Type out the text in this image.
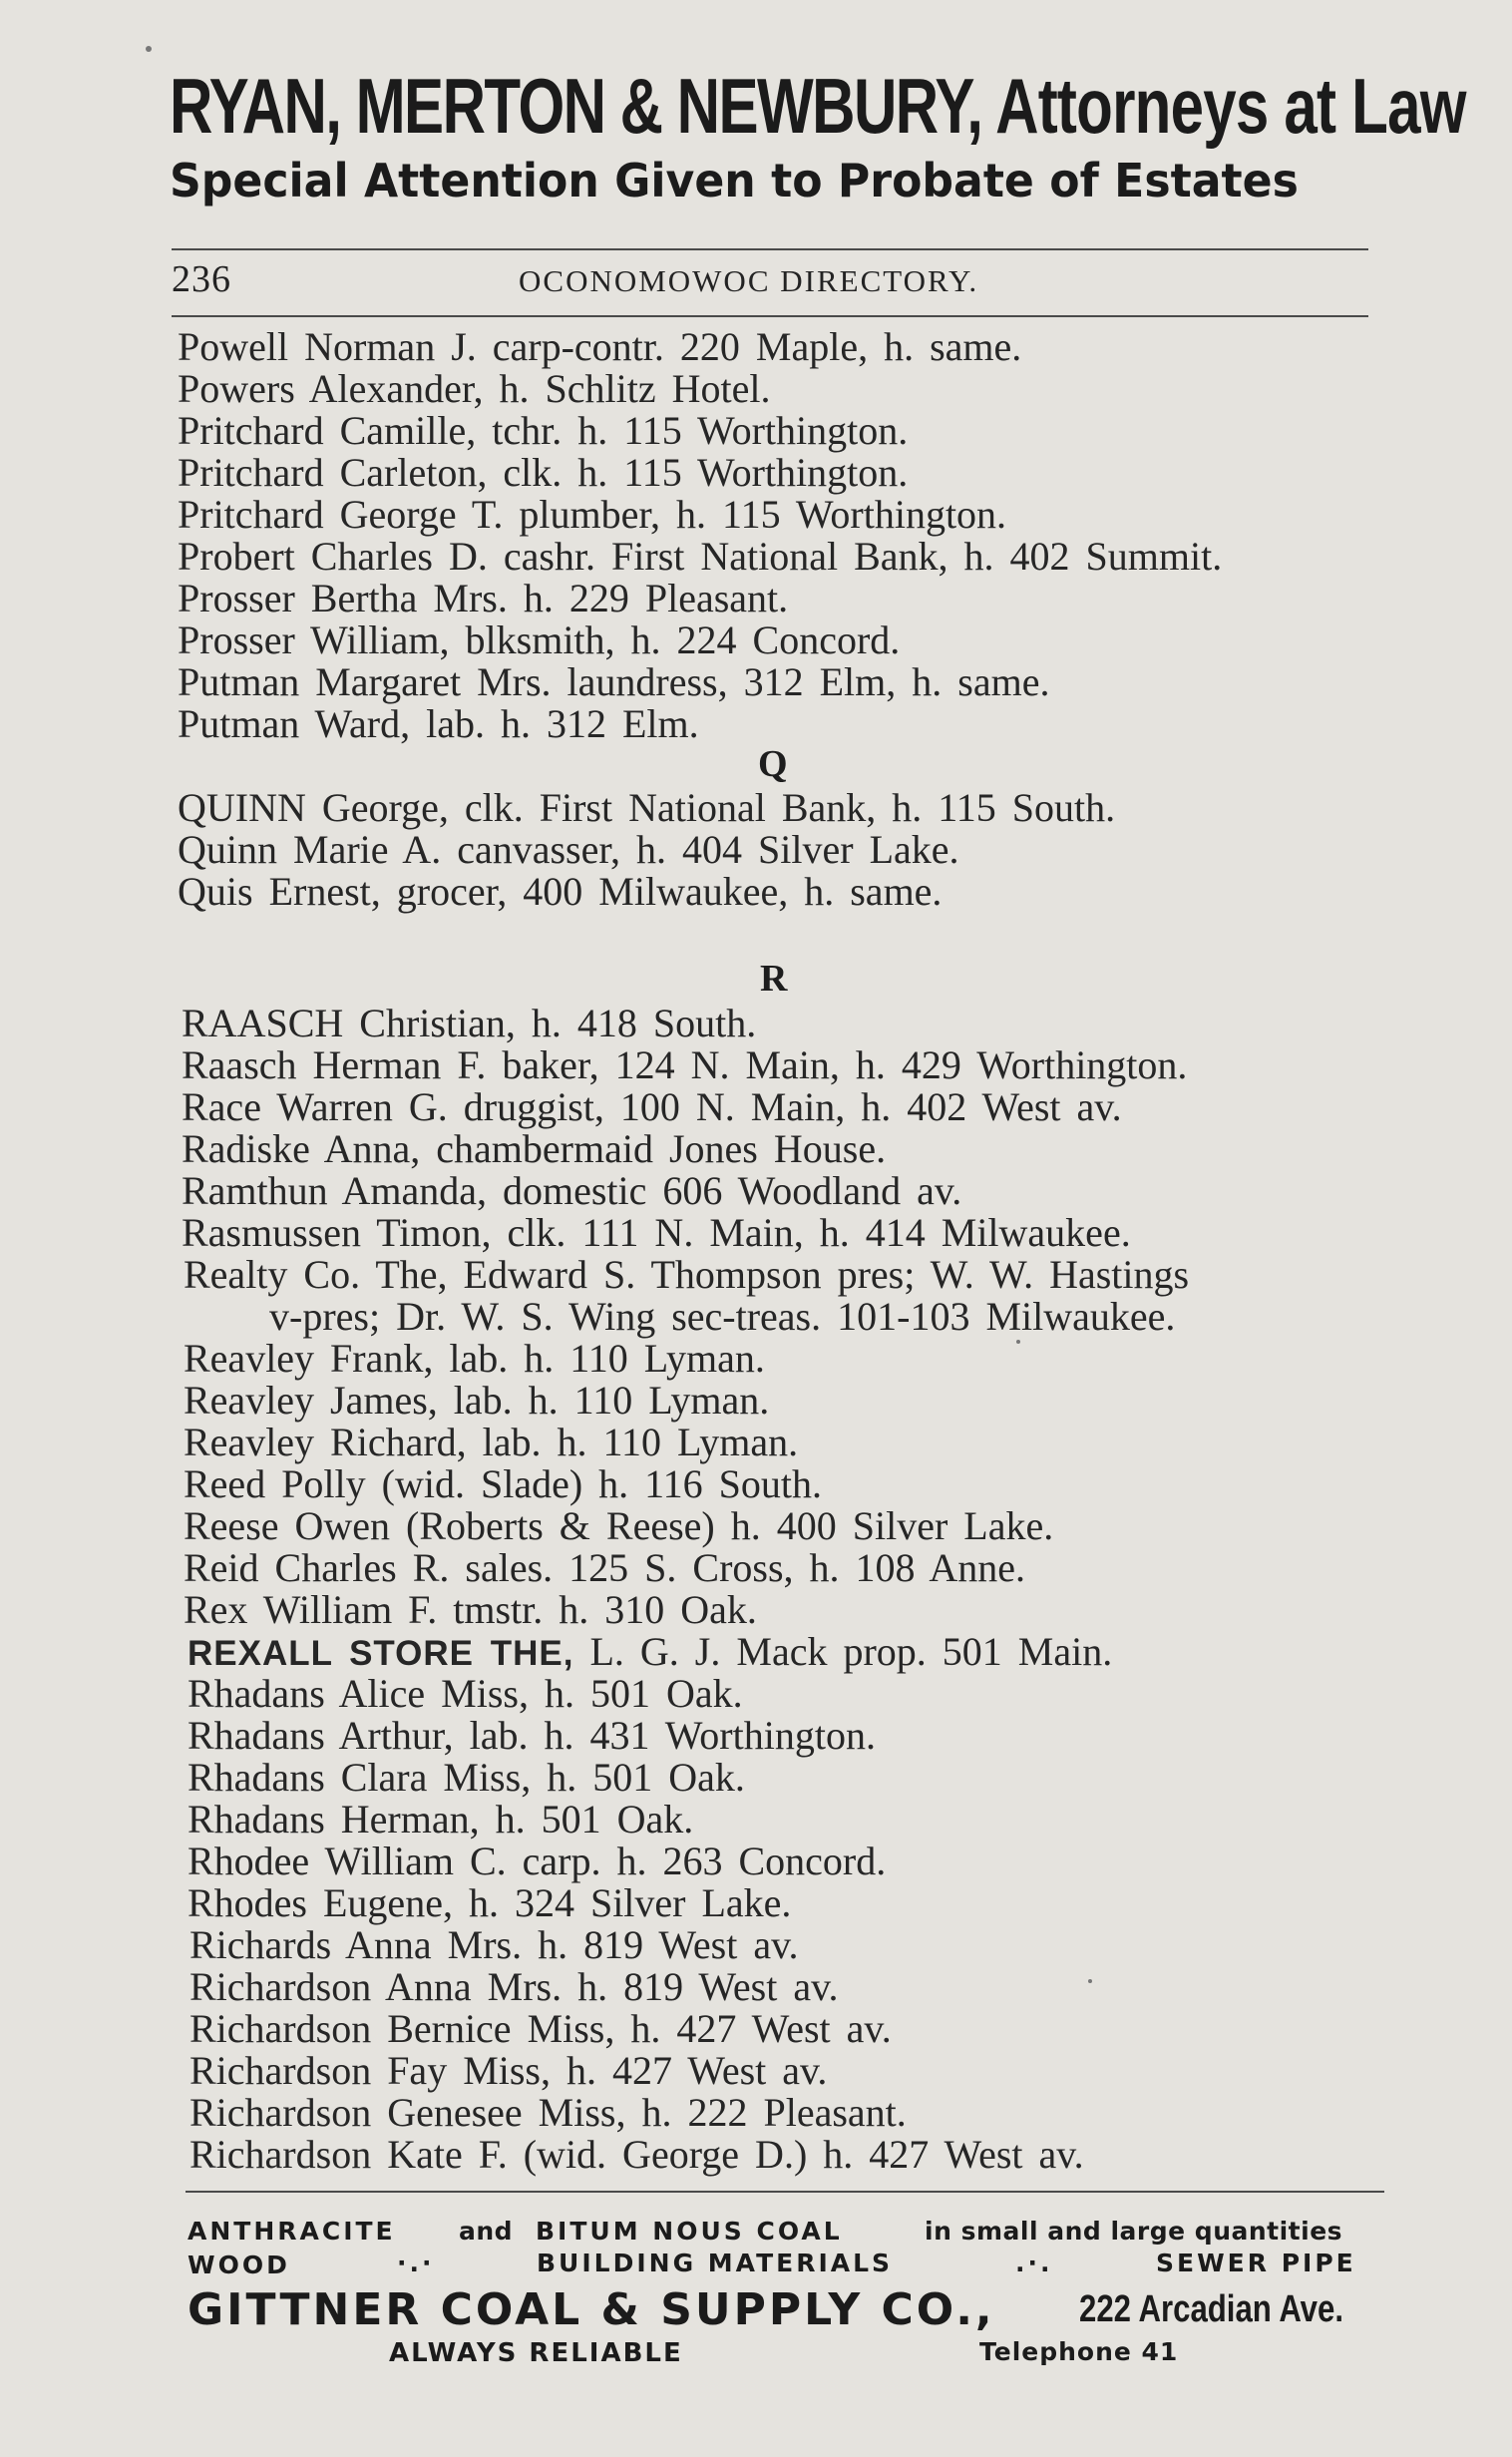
RYAN, MERTON & NEWBURY, Attorneys at Law
Special Attention Given to Probate of Estates
236	OCONOMOWOC DIRECTORY.
Powell Norman J. carp-contr. 220 Maple, h. same.
Powers Alexander, h. Schlitz Hotel.
Pritchard Camille, tchr. h. 115 Worthington.
Pritchard Carleton, clk. h. 115 Worthington.
Pritchard George T. plumber, h. 115 Worthington.
Probert Charles D. cashr. First National Bank, h. 402 Summit.
Prosser Bertha Mrs. h. 229 Pleasant.
Prosser William, blksmith, h. 224 Concord.
Putman Margaret Mrs. laundress, 312 Elm, h. same.
Putman Ward, lab. h. 312 Elm.
Q
QUINN George, clk. First National Bank, h. 115 South.
Quinn Marie A. canvasser, h. 404 Silver Lake.
Quis Ernest, grocer, 400 Milwaukee, h. same.
R
RAASCH Christian, h. 418 South.
Raasch Herman F. baker, 124 N. Main, h. 429 Worthington.
Race Warren G. druggist, 100 N. Main, h. 402 West av.
Radiske Anna, chambermaid Jones House.
Ramthun Amanda, domestic 606 Woodland av.
Rasmussen Timon, clk. 111 N. Main, h. 414 Milwaukee.
Realty Co. The, Edward S. Thompson pres; W. W. Hastings
v-pres; Dr. W. S. Wing sec-treas. 101-103 Milwaukee.
Reavley Frank, lab. h. 110 Lyman.
Reavley James, lab. h. 110 Lyman.
Reavley Richard, lab. h. 110 Lyman.
Reed Polly (wid. Slade) h. 116 South.
Reese Owen (Roberts & Reese) h. 400 Silver Lake.
Reid Charles R. sales. 125 S. Cross, h. 108 Anne.
Rex William F. tmstr. h. 310 Oak.
REXALL STORE THE, L. G. J. Mack prop. 501 Main.
Rhadans Alice Miss, h. 501 Oak.
Rhadans Arthur, lab. h. 431 Worthington.
Rhadans Clara Miss, h. 501 Oak.
Rhadans Herman, h. 501 Oak.
Rhodee William C. carp. h. 263 Concord.
Rhodes Eugene, h. 324 Silver Lake.
Richards Anna Mrs. h. 819 West av.
Richardson Anna Mrs. h. 819 West av.
Richardson Bernice Miss, h. 427 West av.
Richardson Fay Miss, h. 427 West av.
Richardson Genesee Miss, h. 222 Pleasant.
Richardson Kate F. (wid. George D.) h. 427 West av.
ANTHRACITE	and BITUM NOUS COAL	in small and large quantities
WOOD	∙.∙	BUILDING MATERIALS	.∙.	SEWER PIPE
GITTNER COAL & SUPPLY CO., 222 Arcadian Ave.
ALWAYS RELIABLE	Telephone 41
